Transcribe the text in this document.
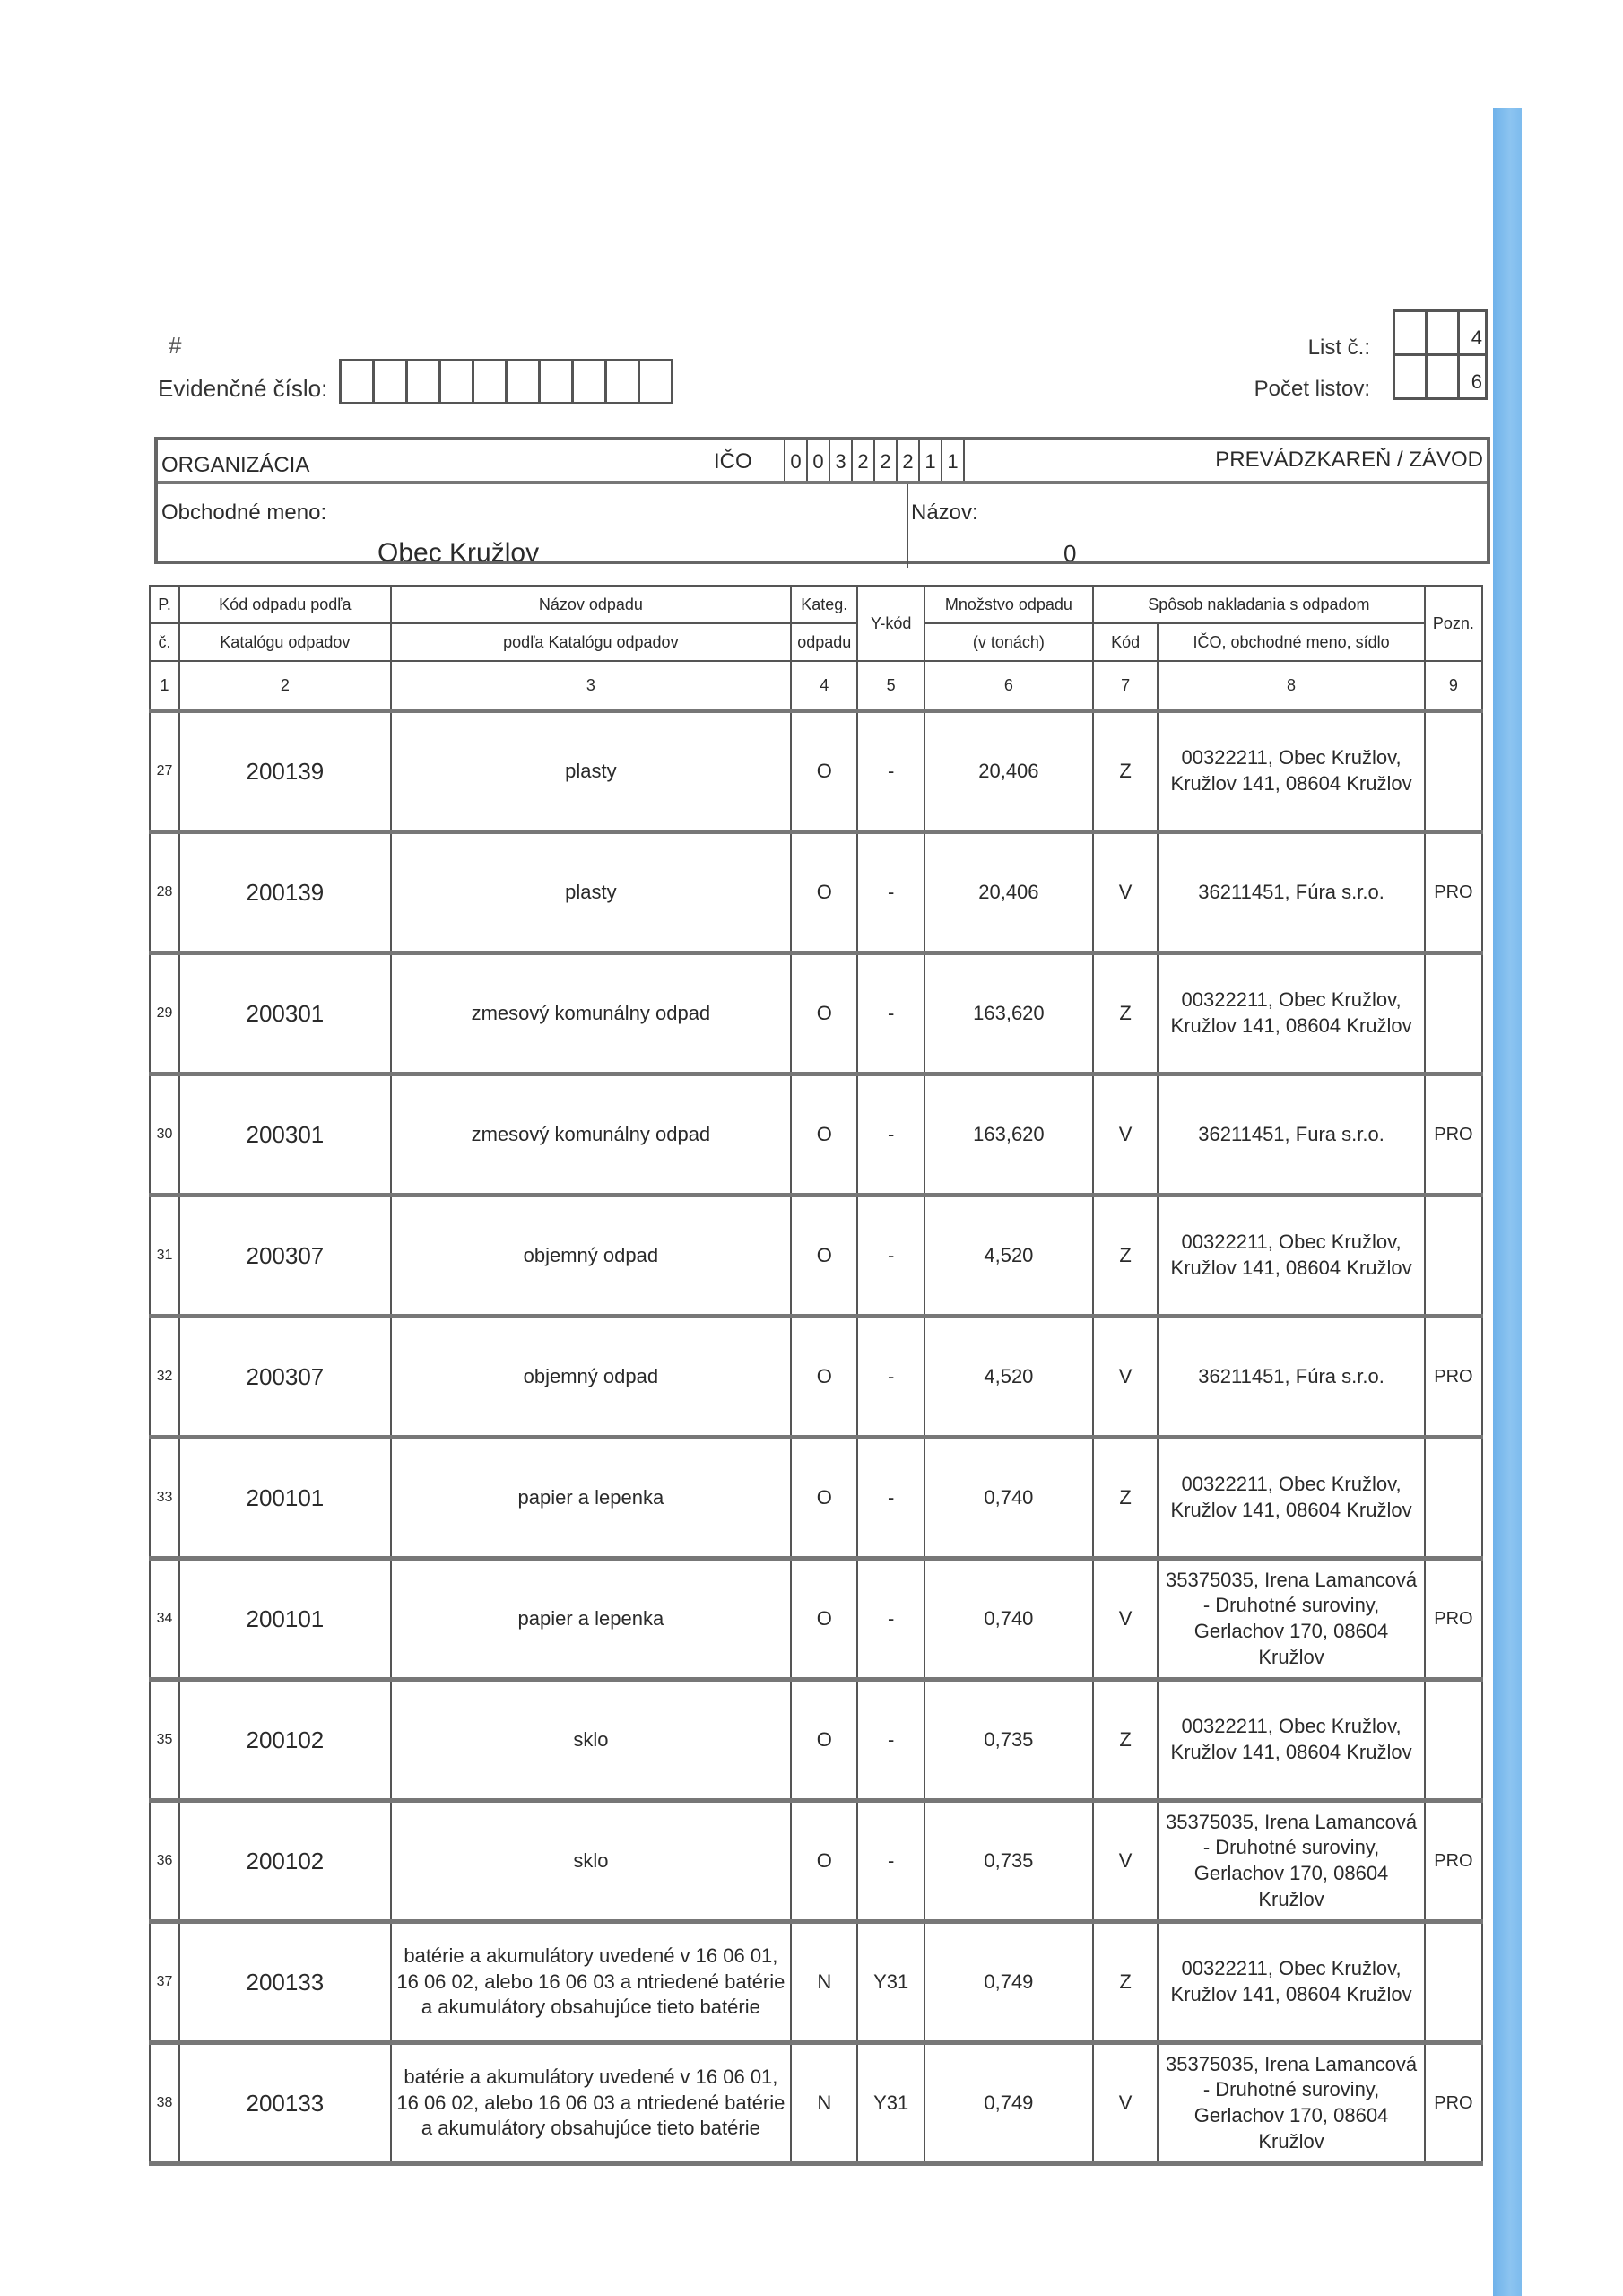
#
Evidenčné číslo:
List č.:
Počet listov:
4
6
ORGANIZÁCIA	IČO 0 0 3 2 2 2 1 1	PREVÁDZKAREŇ / ZÁVOD
Obchodné meno:
Obec Kružlov
Názov:
0
P.	Kód odpadu podľa	Názov odpadu	Kateg.	Y-kód	Množstvo odpadu	Spôsob nakladania s odpadom		Pozn.
č.	Katalógu odpadov	podľa Katalógu odpadov	odpadu		(v tonách)	Kód	IČO, obchodné meno, sídlo	
1	2	3	4	5	6	7	8	9
27	200139	plasty	O	-	20,406	Z	00322211, Obec Kružlov, Kružlov 141, 08604 Kružlov	
28	200139	plasty	O	-	20,406	V	36211451, Fúra s.r.o.	PRO
29	200301	zmesový komunálny odpad	O	-	163,620	Z	00322211, Obec Kružlov, Kružlov 141, 08604 Kružlov	
30	200301	zmesový komunálny odpad	O	-	163,620	V	36211451, Fura s.r.o.	PRO
31	200307	objemný odpad	O	-	4,520	Z	00322211, Obec Kružlov, Kružlov 141, 08604 Kružlov	
32	200307	objemný odpad	O	-	4,520	V	36211451, Fúra s.r.o.	PRO
33	200101	papier a lepenka	O	-	0,740	Z	00322211, Obec Kružlov, Kružlov 141, 08604 Kružlov	
34	200101	papier a lepenka	O	-	0,740	V	35375035, Irena Lamancová - Druhotné suroviny, Gerlachov 170, 08604 Kružlov	PRO
35	200102	sklo	O	-	0,735	Z	00322211, Obec Kružlov, Kružlov 141, 08604 Kružlov	
36	200102	sklo	O	-	0,735	V	35375035, Irena Lamancová - Druhotné suroviny, Gerlachov 170, 08604 Kružlov	PRO
37	200133	batérie a akumulátory uvedené v 16 06 01, 16 06 02, alebo 16 06 03 a ntriedené batérie a akumulátory obsahujúce tieto batérie	N	Y31	0,749	Z	00322211, Obec Kružlov, Kružlov 141, 08604 Kružlov	
38	200133	batérie a akumulátory uvedené v 16 06 01, 16 06 02, alebo 16 06 03 a ntriedené batérie a akumulátory obsahujúce tieto batérie	N	Y31	0,749	V	35375035, Irena Lamancová - Druhotné suroviny, Gerlachov 170, 08604 Kružlov	PRO
